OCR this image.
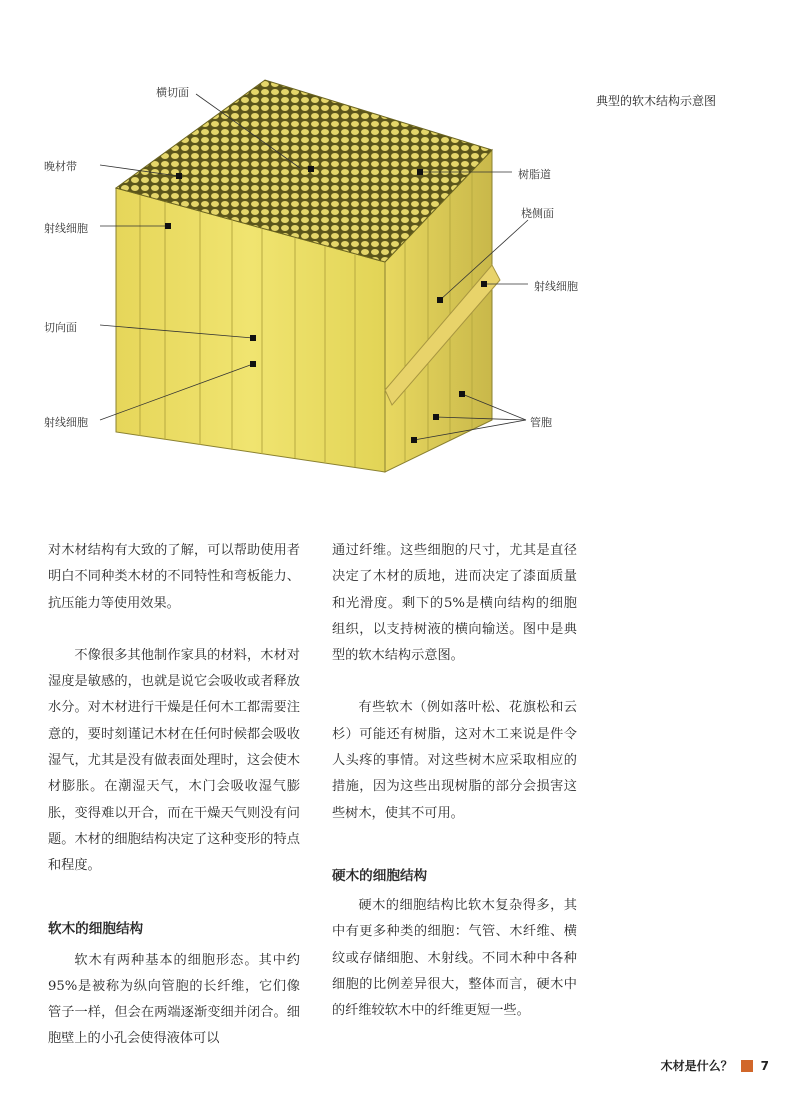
典型的软木结构示意图
横切面
晚材带
射线细胞
切向面
射线细胞
树脂道
桡侧面
射线细胞
管胞

对木材结构有大致的了解，可以帮助使用者明白不同种类木材的不同特性和弯板能力、抗压能力等使用效果。

不像很多其他制作家具的材料，木材对湿度是敏感的，也就是说它会吸收或者释放水分。对木材进行干燥是任何木工都需要注意的，要时刻谨记木材在任何时候都会吸收湿气，尤其是没有做表面处理时，这会使木材膨胀。在潮湿天气，木门会吸收湿气膨胀，变得难以开合，而在干燥天气则没有问题。木材的细胞结构决定了这种变形的特点和程度。

软木的细胞结构

软木有两种基本的细胞形态。其中约95%是被称为纵向管胞的长纤维，它们像管子一样，但会在两端逐渐变细并闭合。细胞壁上的小孔会使得液体可以

通过纤维。这些细胞的尺寸，尤其是直径决定了木材的质地，进而决定了漆面质量和光滑度。剩下的5%是横向结构的细胞组织，以支持树液的横向输送。图中是典型的软木结构示意图。

有些软木（例如落叶松、花旗松和云杉）可能还有树脂，这对木工来说是件令人头疼的事情。对这些树木应采取相应的措施，因为这些出现树脂的部分会损害这些树木，使其不可用。

硬木的细胞结构

硬木的细胞结构比软木复杂得多，其中有更多种类的细胞：气管、木纤维、横纹或存储细胞、木射线。不同木种中各种细胞的比例差异很大，整体而言，硬木中的纤维较软木中的纤维更短一些。

木材是什么？ 7
